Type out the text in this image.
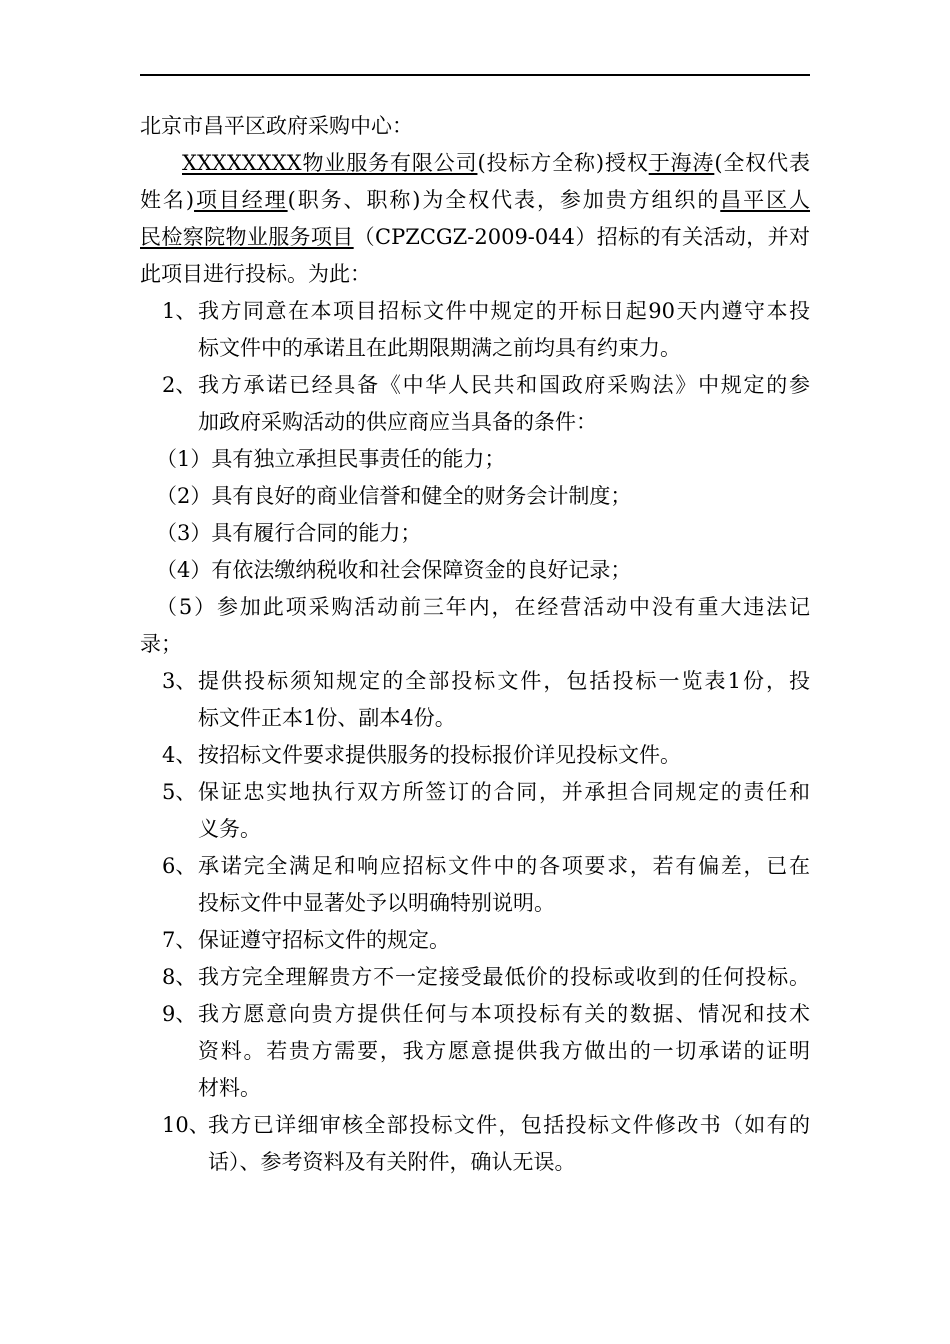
北京市昌平区政府采购中心：
XXXXXXXX物业服务有限公司(投标方全称)授权于海涛(全权代表
姓名)项目经理(职务、职称)为全权代表，参加贵方组织的昌平区人
民检察院物业服务项目（CPZCGZ-2009-044）招标的有关活动，并对
此项目进行投标。为此：
1、 我方同意在本项目招标文件中规定的开标日起90天内遵守本投
标文件中的承诺且在此期限期满之前均具有约束力。
2、 我方承诺已经具备《中华人民共和国政府采购法》中规定的参
加政府采购活动的供应商应当具备的条件：
（1）具有独立承担民事责任的能力；
（2）具有良好的商业信誉和健全的财务会计制度；
（3）具有履行合同的能力；
（4）有依法缴纳税收和社会保障资金的良好记录；
（5）参加此项采购活动前三年内，在经营活动中没有重大违法记
录；
3、 提供投标须知规定的全部投标文件，包括投标一览表1份，投
标文件正本1份、副本4份。
4、 按招标文件要求提供服务的投标报价详见投标文件。
5、 保证忠实地执行双方所签订的合同，并承担合同规定的责任和
义务。
6、 承诺完全满足和响应招标文件中的各项要求，若有偏差，已在
投标文件中显著处予以明确特别说明。
7、 保证遵守招标文件的规定。
8、 我方完全理解贵方不一定接受最低价的投标或收到的任何投标。
9、 我方愿意向贵方提供任何与本项投标有关的数据、情况和技术
资料。若贵方需要，我方愿意提供我方做出的一切承诺的证明
材料。
10、
我方已详细审核全部投标文件，包括投标文件修改书（如有的
话）、参考资料及有关附件，确认无误。
